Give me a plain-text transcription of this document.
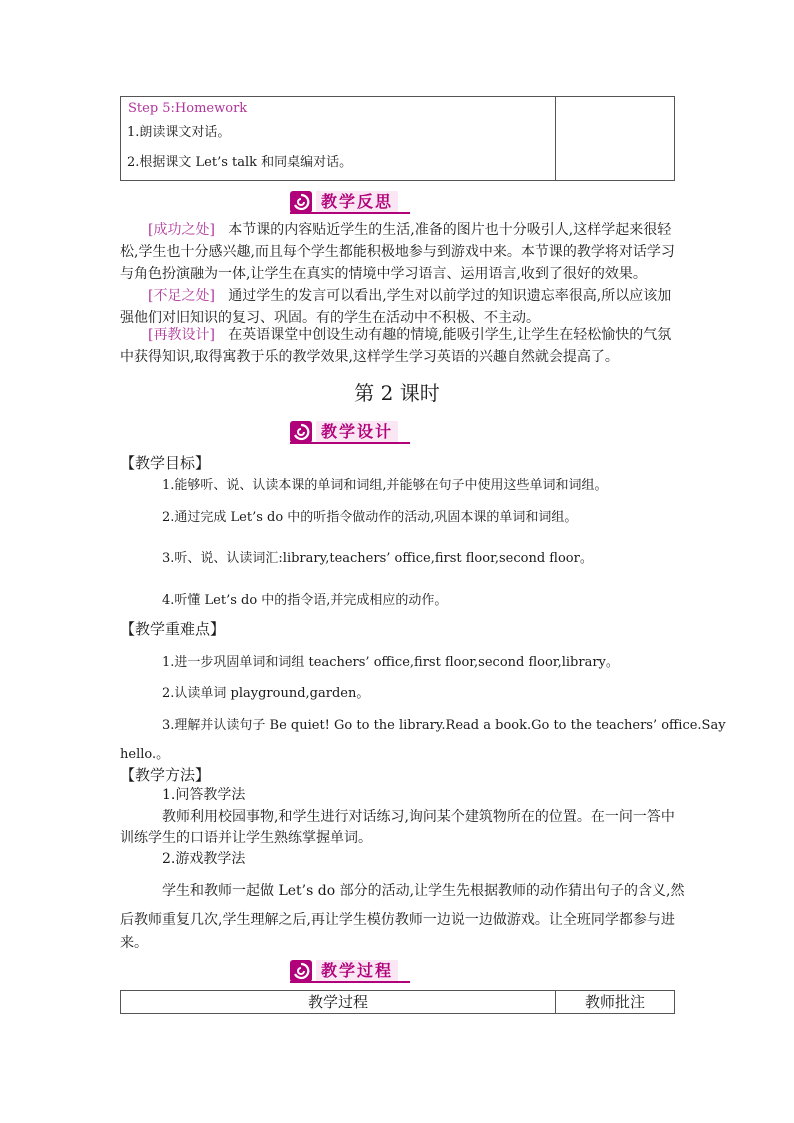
Step 5:Homework
1.朗读课文对话。
2.根据课文 Let’s talk 和同桌编对话。
教学反思
[成功之处] 本节课的内容贴近学生的生活,准备的图片也十分吸引人,这样学起来很轻
松,学生也十分感兴趣,而且每个学生都能积极地参与到游戏中来。本节课的教学将对话学习
与角色扮演融为一体,让学生在真实的情境中学习语言、运用语言,收到了很好的效果。
[不足之处] 通过学生的发言可以看出,学生对以前学过的知识遗忘率很高,所以应该加
强他们对旧知识的复习、巩固。有的学生在活动中不积极、不主动。
[再教设计] 在英语课堂中创设生动有趣的情境,能吸引学生,让学生在轻松愉快的气氛
中获得知识,取得寓教于乐的教学效果,这样学生学习英语的兴趣自然就会提高了。
第 2 课时
教学设计
【教学目标】
1.能够听、说、认读本课的单词和词组,并能够在句子中使用这些单词和词组。
2.通过完成 Let’s do 中的听指令做动作的活动,巩固本课的单词和词组。
3.听、说、认读词汇:library,teachers’ office,first floor,second floor。
4.听懂 Let’s do 中的指令语,并完成相应的动作。
【教学重难点】
1.进一步巩固单词和词组 teachers’ office,first floor,second floor,library。
2.认读单词 playground,garden。
3.理解并认读句子 Be quiet! Go to the library.Read a book.Go to the teachers’ office.Say
hello.。
【教学方法】
1.问答教学法
教师利用校园事物,和学生进行对话练习,询问某个建筑物所在的位置。在一问一答中
训练学生的口语并让学生熟练掌握单词。
2.游戏教学法
学生和教师一起做 Let’s do 部分的活动,让学生先根据教师的动作猜出句子的含义,然
后教师重复几次,学生理解之后,再让学生模仿教师一边说一边做游戏。让全班同学都参与进
来。
教学过程
教学过程	教师批注
